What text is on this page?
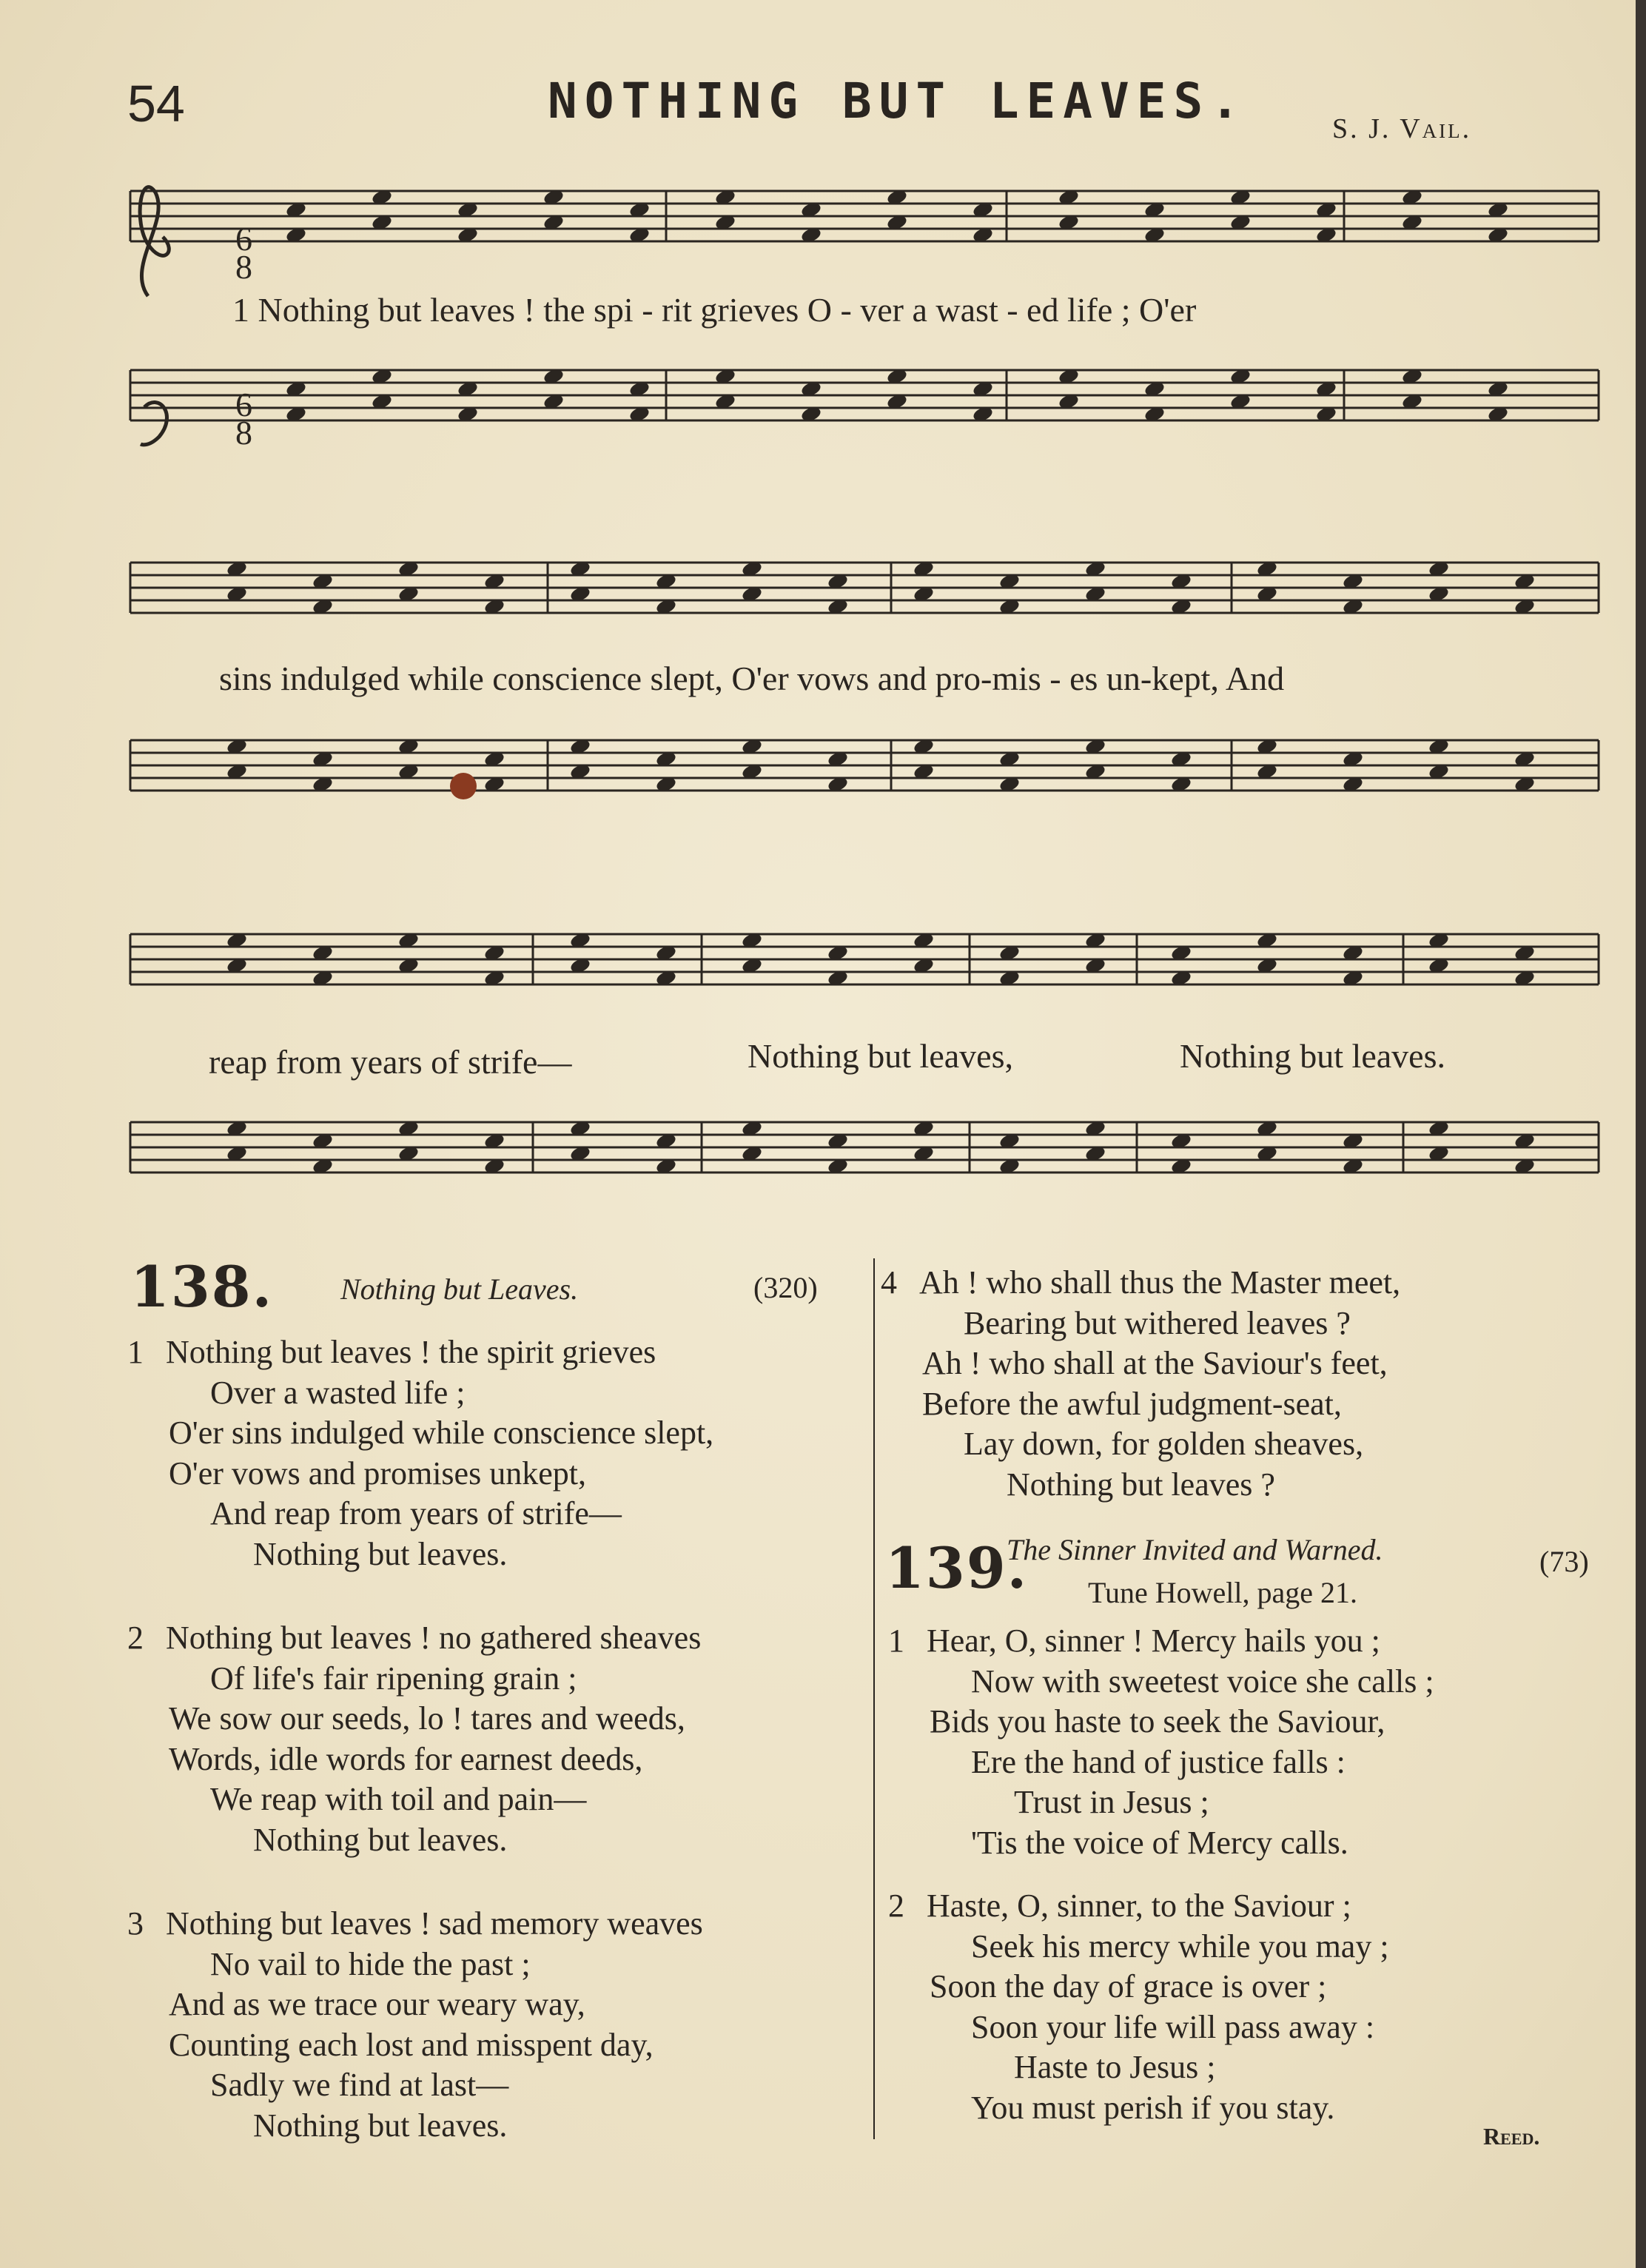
54	NOTHING BUT LEAVES.	S. J. Vail.
6
8
6
8
1 Nothing but leaves ! the spi - rit grieves O - ver a wast - ed life ; O'er
sins indulged while conscience slept, O'er vows and pro-mis - es un-kept, And
reap from years of strife—	Nothing but leaves,	Nothing but leaves.
138. Nothing but Leaves.	(320)
1 Nothing but leaves ! the spirit grieves
Over a wasted life ;
O'er sins indulged while conscience slept,
O'er vows and promises unkept,
And reap from years of strife—
Nothing but leaves.
2 Nothing but leaves ! no gathered sheaves
Of life's fair ripening grain ;
We sow our seeds, lo ! tares and weeds,
Words, idle words for earnest deeds,
We reap with toil and pain—
Nothing but leaves.
3 Nothing but leaves ! sad memory weaves
No vail to hide the past ;
And as we trace our weary way,
Counting each lost and misspent day,
Sadly we find at last—
Nothing but leaves.
4 Ah ! who shall thus the Master meet,
Bearing but withered leaves ?
Ah ! who shall at the Saviour's feet,
Before the awful judgment-seat,
Lay down, for golden sheaves,
Nothing but leaves ?
139.
The Sinner Invited and Warned.	(73)
Tune Howell, page 21.
1 Hear, O, sinner ! Mercy hails you ;
Now with sweetest voice she calls ;
Bids you haste to seek the Saviour,
Ere the hand of justice falls :
Trust in Jesus ;
'Tis the voice of Mercy calls.
2 Haste, O, sinner, to the Saviour ;
Seek his mercy while you may ;
Soon the day of grace is over ;
Soon your life will pass away :
Haste to Jesus ;
You must perish if you stay.
Reed.
